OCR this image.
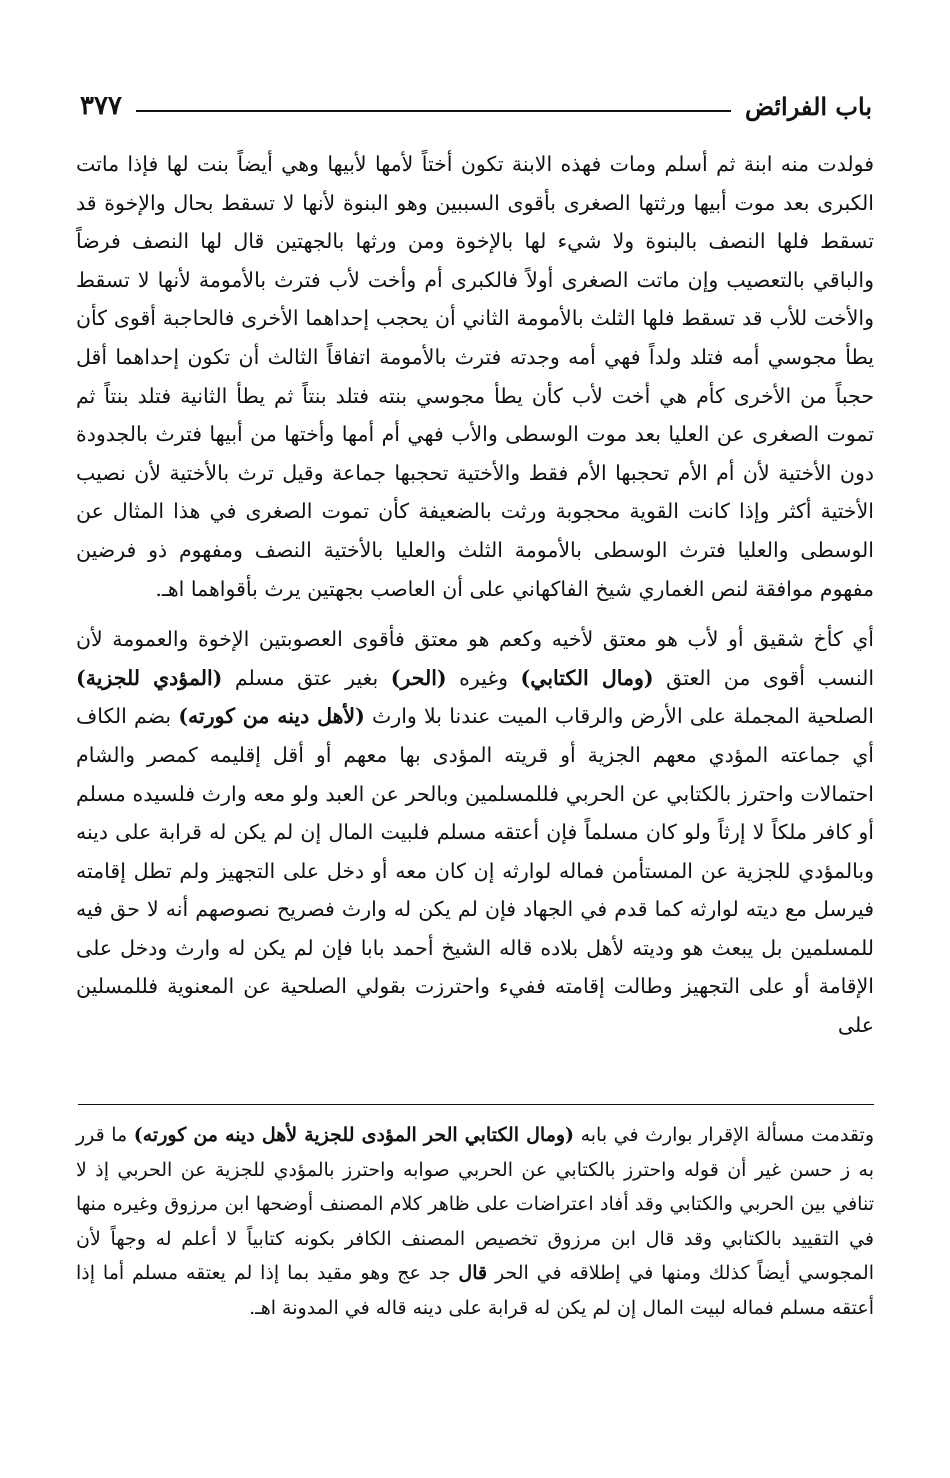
باب الفرائض
٣٧٧

فولدت منه ابنة ثم أسلم ومات فهذه الابنة تكون أختاً لأمها لأبيها وهي أيضاً بنت لها فإذا ماتت الكبرى بعد موت أبيها ورثتها الصغرى بأقوى السببين وهو البنوة لأنها لا تسقط بحال والإخوة قد تسقط فلها النصف بالبنوة ولا شيء لها بالإخوة ومن ورثها بالجهتين قال لها النصف فرضاً والباقي بالتعصيب وإن ماتت الصغرى أولاً فالكبرى أم وأخت لأب فترث بالأمومة لأنها لا تسقط والأخت للأب قد تسقط فلها الثلث بالأمومة الثاني أن يحجب إحداهما الأخرى فالحاجبة أقوى كأن يطأ مجوسي أمه فتلد ولداً فهي أمه وجدته فترث بالأمومة اتفاقاً الثالث أن تكون إحداهما أقل حجباً من الأخرى كأم هي أخت لأب كأن يطأ مجوسي بنته فتلد بنتاً ثم يطأ الثانية فتلد بنتاً ثم تموت الصغرى عن العليا بعد موت الوسطى والأب فهي أم أمها وأختها من أبيها فترث بالجدودة دون الأختية لأن أم الأم تحجبها الأم فقط والأختية تحجبها جماعة وقيل ترث بالأختية لأن نصيب الأختية أكثر وإذا كانت القوية محجوبة ورثت بالضعيفة كأن تموت الصغرى في هذا المثال عن الوسطى والعليا فترث الوسطى بالأمومة الثلث والعليا بالأختية النصف ومفهوم ذو فرضين مفهوم موافقة لنص الغماري شيخ الفاكهاني على أن العاصب بجهتين يرث بأقواهما اهـ.

أي كأخ شقيق أو لأب هو معتق لأخيه وكعم هو معتق فأقوى العصوبتين الإخوة والعمومة لأن النسب أقوى من العتق (ومال الكتابي) وغيره (الحر) بغير عتق مسلم (المؤدي للجزية) الصلحية المجملة على الأرض والرقاب الميت عندنا بلا وارث (لأهل دينه من كورته) بضم الكاف أي جماعته المؤدي معهم الجزية أو قريته المؤدى بها معهم أو أقل إقليمه كمصر والشام احتمالات واحترز بالكتابي عن الحربي فللمسلمين وبالحر عن العبد ولو معه وارث فلسيده مسلم أو كافر ملكاً لا إرثاً ولو كان مسلماً فإن أعتقه مسلم فلبيت المال إن لم يكن له قرابة على دينه وبالمؤدي للجزية عن المستأمن فماله لوارثه إن كان معه أو دخل على التجهيز ولم تطل إقامته فيرسل مع ديته لوارثه كما قدم في الجهاد فإن لم يكن له وارث فصريح نصوصهم أنه لا حق فيه للمسلمين بل يبعث هو وديته لأهل بلاده قاله الشيخ أحمد بابا فإن لم يكن له وارث ودخل على الإقامة أو على التجهيز وطالت إقامته ففيء واحترزت بقولي الصلحية عن المعنوية فللمسلين على

وتقدمت مسألة الإقرار بوارث في بابه (ومال الكتابي الحر المؤدى للجزية لأهل دينه من كورته) ما قرر به ز حسن غير أن قوله واحترز بالكتابي عن الحربي صوابه واحترز بالمؤدي للجزية عن الحربي إذ لا تنافي بين الحربي والكتابي وقد أفاد اعتراضات على ظاهر كلام المصنف أوضحها ابن مرزوق وغيره منها في التقييد بالكتابي وقد قال ابن مرزوق تخصيص المصنف الكافر بكونه كتابياً لا أعلم له وجهاً لأن المجوسي أيضاً كذلك ومنها في إطلاقه في الحر قال جد عج وهو مقيد بما إذا لم يعتقه مسلم أما إذا أعتقه مسلم فماله لبيت المال إن لم يكن له قرابة على دينه قاله في المدونة اهـ.
